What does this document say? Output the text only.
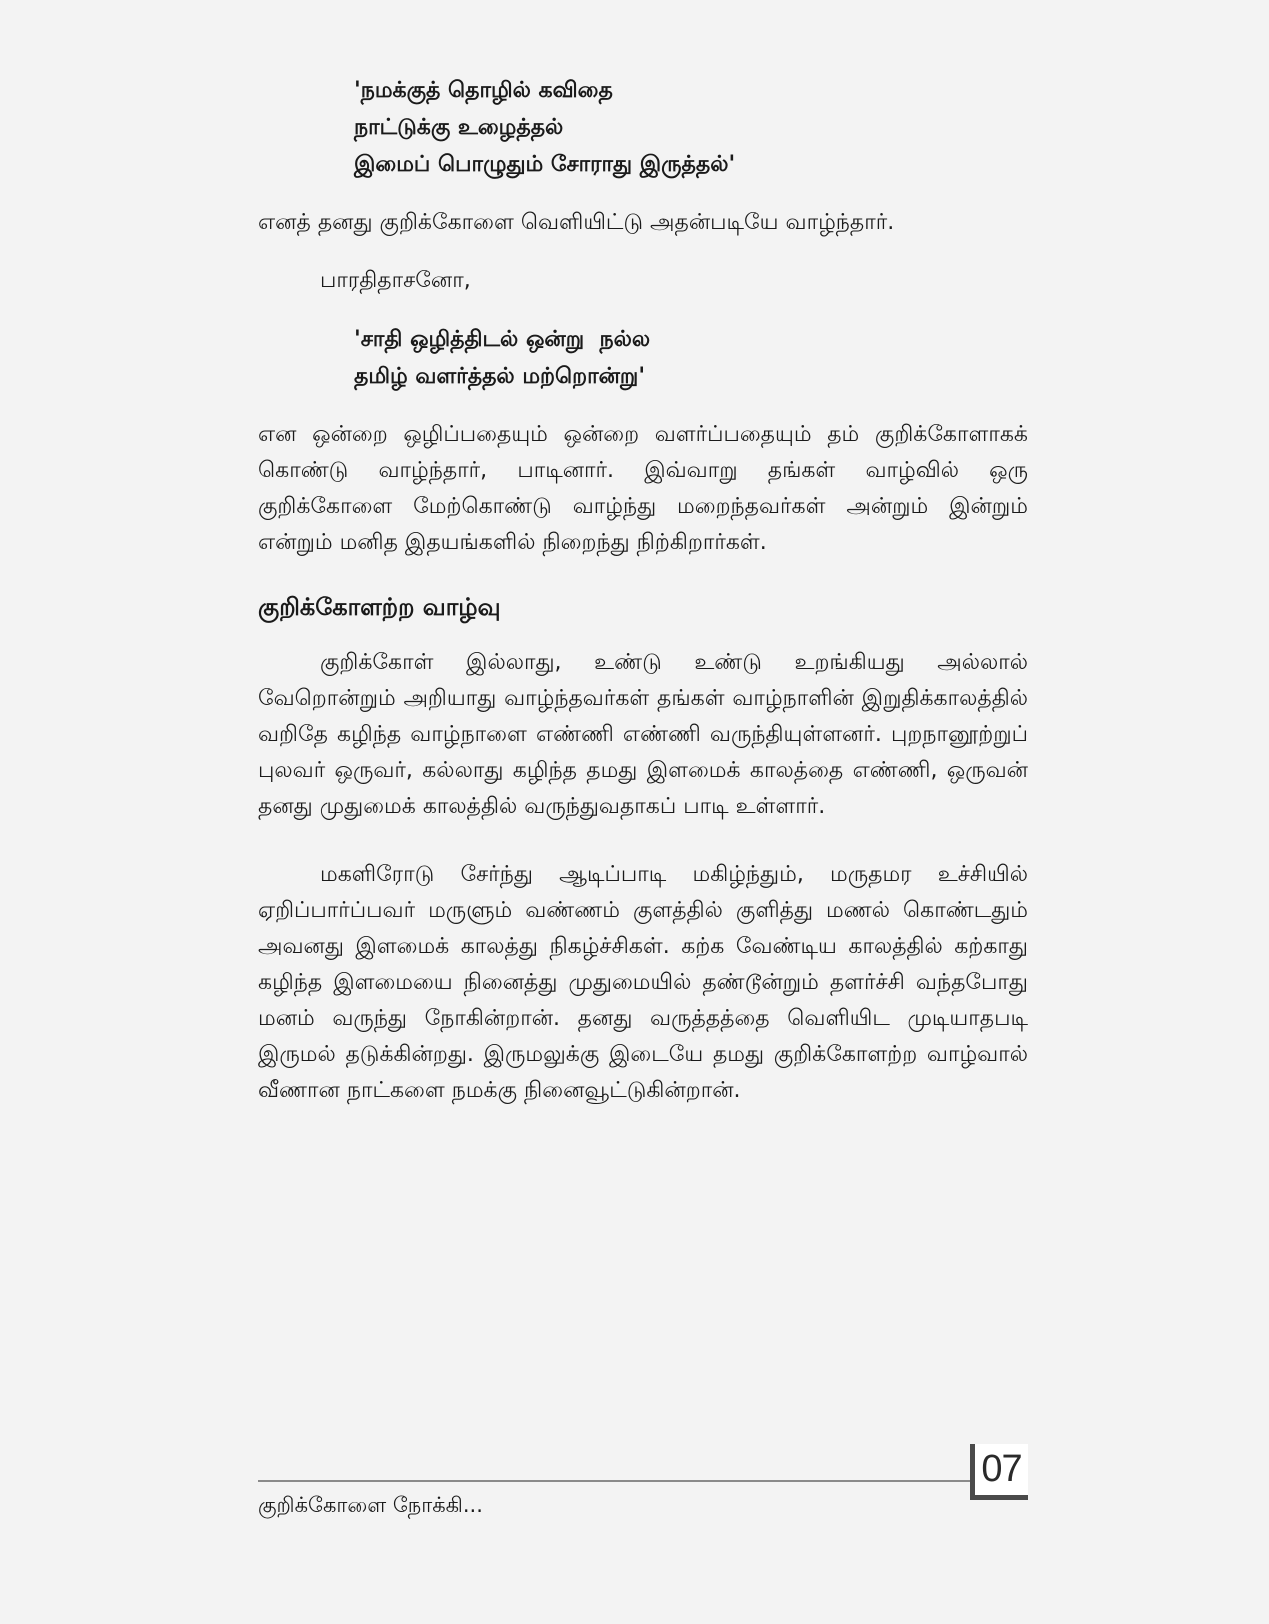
'நமக்குத் தொழில் கவிதை
நாட்டுக்கு உழைத்தல்
இமைப் பொழுதும் சோராது இருத்தல்'

எனத் தனது குறிக்கோளை வெளியிட்டு அதன்படியே வாழ்ந்தார்.

பாரதிதாசனோ,

'சாதி ஒழித்திடல் ஒன்று  நல்ல
தமிழ் வளர்த்தல் மற்றொன்று'

என ஒன்றை ஒழிப்பதையும் ஒன்றை வளர்ப்பதையும் தம் குறிக்கோளாகக் கொண்டு வாழ்ந்தார், பாடினார். இவ்வாறு தங்கள் வாழ்வில் ஒரு குறிக்கோளை மேற்கொண்டு வாழ்ந்து மறைந்தவர்கள் அன்றும் இன்றும் என்றும் மனித இதயங்களில் நிறைந்து நிற்கிறார்கள்.

குறிக்கோளற்ற வாழ்வு

குறிக்கோள் இல்லாது, உண்டு உண்டு உறங்கியது அல்லால் வேறொன்றும் அறியாது வாழ்ந்தவர்கள் தங்கள் வாழ்நாளின் இறுதிக்காலத்தில் வறிதே கழிந்த வாழ்நாளை எண்ணி எண்ணி வருந்தியுள்ளனர். புறநானூற்றுப் புலவர் ஒருவர், கல்லாது கழிந்த தமது இளமைக் காலத்தை எண்ணி, ஒருவன் தனது முதுமைக் காலத்தில் வருந்துவதாகப் பாடி உள்ளார்.

மகளிரோடு சேர்ந்து ஆடிப்பாடி மகிழ்ந்தும், மருதமர உச்சியில் ஏறிப்பார்ப்பவர் மருளும் வண்ணம் குளத்தில் குளித்து மணல் கொண்டதும் அவனது இளமைக் காலத்து நிகழ்ச்சிகள். கற்க வேண்டிய காலத்தில் கற்காது கழிந்த இளமையை நினைத்து முதுமையில் தண்டூன்றும் தளர்ச்சி வந்தபோது மனம் வருந்து நோகின்றான். தனது வருத்தத்தை வெளியிட முடியாதபடி இருமல் தடுக்கின்றது. இருமலுக்கு இடையே தமது குறிக்கோளற்ற வாழ்வால் வீணான நாட்களை நமக்கு நினைவூட்டுகின்றான்.

07
குறிக்கோளை நோக்கி...
